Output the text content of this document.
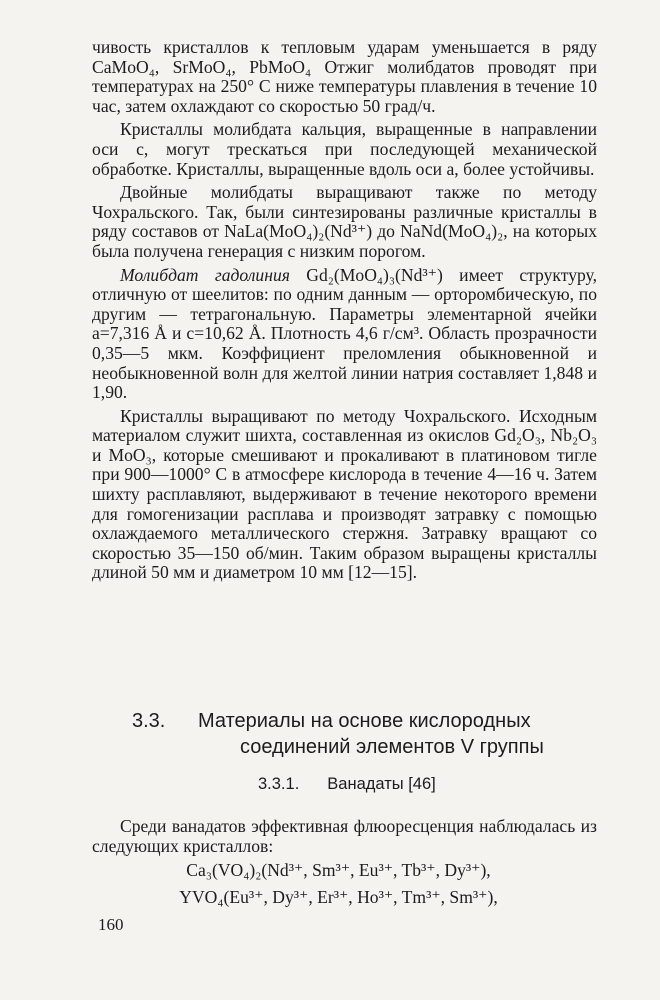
чивость кристаллов к тепловым ударам уменьшается в ряду CaMoO₄, SrMoO₄, PbMoO₄ Отжиг молибдатов проводят при температурах на 250° С ниже температуры плавления в течение 10 час, затем охлаждают со скоростью 50 град/ч.

Кристаллы молибдата кальция, выращенные в направлении оси c, могут трескаться при последующей механической обработке. Кристаллы, выращенные вдоль оси a, более устойчивы.

Двойные молибдаты выращивают также по методу Чохральского. Так, были синтезированы различные кристаллы в ряду составов от NaLa(MoO₄)₂(Nd³⁺) до NaNd(MoO₄)₂, на которых была получена генерация с низким порогом.

Молибдат гадолиния Gd₂(MoO₄)₃(Nd³⁺) имеет структуру, отличную от шеелитов: по одним данным — орторомбическую, по другим — тетрагональную. Параметры элементарной ячейки a=7,316 Å и c=10,62 Å. Плотность 4,6 г/см³. Область прозрачности 0,35—5 мкм. Коэффициент преломления обыкновенной и необыкновенной волн для желтой линии натрия составляет 1,848 и 1,90.

Кристаллы выращивают по методу Чохральского. Исходным материалом служит шихта, составленная из окислов Gd₂O₃, Nb₂O₃ и MoO₃, которые смешивают и прокаливают в платиновом тигле при 900—1000° С в атмосфере кислорода в течение 4—16 ч. Затем шихту расплавляют, выдерживают в течение некоторого времени для гомогенизации расплава и производят затравку с помощью охлаждаемого металлического стержня. Затравку вращают со скоростью 35—150 об/мин. Таким образом выращены кристаллы длиной 50 мм и диаметром 10 мм [12—15].

3.3. Материалы на основе кислородных
соединений элементов V группы
3.3.1. Ванадаты [46]

Среди ванадатов эффективная флюоресценция наблюдалась из следующих кристаллов:

Ca₃(VO₄)₂(Nd³⁺, Sm³⁺, Eu³⁺, Tb³⁺, Dy³⁺),
YVO₄(Eu³⁺, Dy³⁺, Er³⁺, Ho³⁺, Tm³⁺, Sm³⁺),
160
